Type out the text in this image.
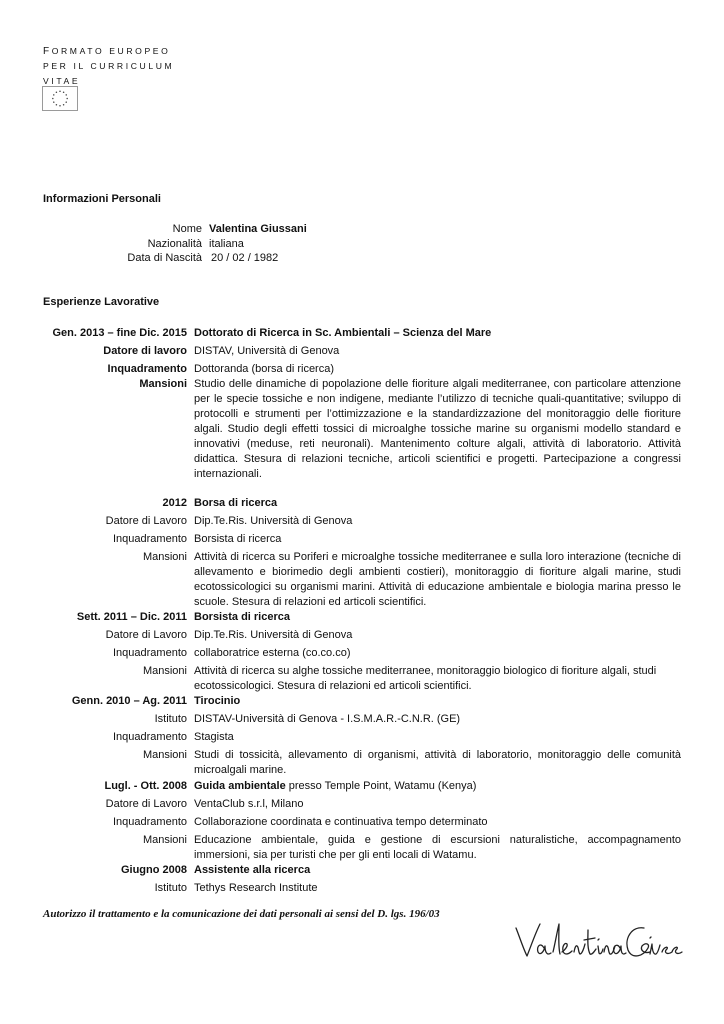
FORMATO EUROPEO
PER IL CURRICULUM
VITAE
Informazioni Personali
Nome Valentina Giussani
Nazionalità italiana
Data di Nascità 20 / 02 / 1982
Esperienze Lavorative
Gen. 2013 – fine Dic. 2015 Dottorato di Ricerca in Sc. Ambientali – Scienza del Mare
Datore di lavoro DISTAV, Università di Genova
Inquadramento Dottoranda (borsa di ricerca)
Mansioni Studio delle dinamiche di popolazione delle fioriture algali mediterranee, con particolare attenzione per le specie tossiche e non indigene, mediante l’utilizzo di tecniche quali-quantitative; sviluppo di protocolli e strumenti per l’ottimizzazione e la standardizzazione del monitoraggio delle fioriture algali. Studio degli effetti tossici di microalghe tossiche marine su organismi modello standard e innovativi (meduse, reti neuronali). Mantenimento colture algali, attività di laboratorio. Attività didattica. Stesura di relazioni tecniche, articoli scientifici e progetti. Partecipazione a congressi internazionali.
2012 Borsa di ricerca
Datore di Lavoro Dip.Te.Ris. Università di Genova
Inquadramento Borsista di ricerca
Mansioni Attività di ricerca su Poriferi e microalghe tossiche mediterranee e sulla loro interazione (tecniche di allevamento e biorimedio degli ambienti costieri), monitoraggio di fioriture algali marine, studi ecotossicologici su organismi marini. Attività di educazione ambientale e biologia marina presso le scuole. Stesura di relazioni ed articoli scientifici.
Sett. 2011 – Dic. 2011 Borsista di ricerca
Datore di Lavoro Dip.Te.Ris. Università di Genova
Inquadramento collaboratrice esterna (co.co.co)
Mansioni Attività di ricerca su alghe tossiche mediterranee, monitoraggio biologico di fioriture algali, studi ecotossicologici. Stesura di relazioni ed articoli scientifici.
Genn. 2010 – Ag. 2011 Tirocinio
Istituto DISTAV-Università di Genova - I.S.M.A.R.-C.N.R. (GE)
Inquadramento Stagista
Mansioni Studi di tossicità, allevamento di organismi, attività di laboratorio, monitoraggio delle comunità microalgali marine.
Lugl. - Ott. 2008 Guida ambientale presso Temple Point, Watamu (Kenya)
Datore di Lavoro VentaClub s.r.l, Milano
Inquadramento Collaborazione coordinata e continuativa tempo determinato
Mansioni Educazione ambientale, guida e gestione di escursioni naturalistiche, accompagnamento immersioni, sia per turisti che per gli enti locali di Watamu.
Giugno 2008 Assistente alla ricerca
Istituto Tethys Research Institute
Autorizzo il trattamento e la comunicazione dei dati personali ai sensi del D. lgs. 196/03
